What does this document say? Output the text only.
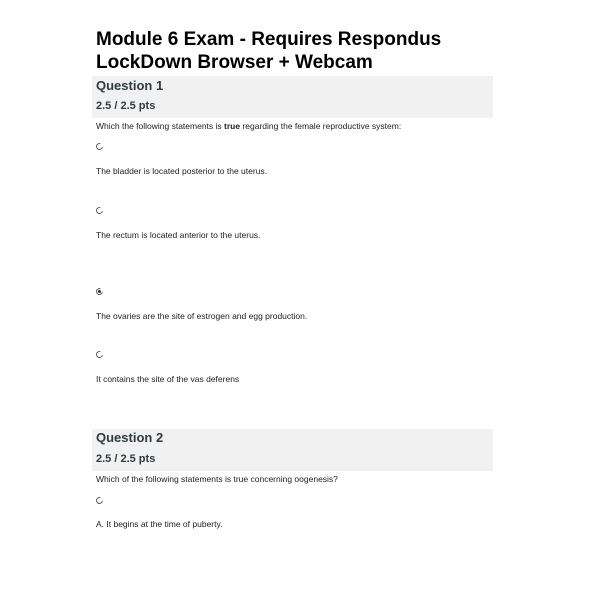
Module 6 Exam - Requires Respondus LockDown Browser + Webcam
Question 1
2.5 / 2.5 pts
Which the following statements is true regarding the female reproductive system:
The bladder is located posterior to the uterus.
The rectum is located anterior to the uterus.
The ovaries are the site of estrogen and egg production.
It contains the site of the vas deferens
Question 2
2.5 / 2.5 pts
Which of the following statements is true concerning oogenesis?
A. It begins at the time of puberty.
